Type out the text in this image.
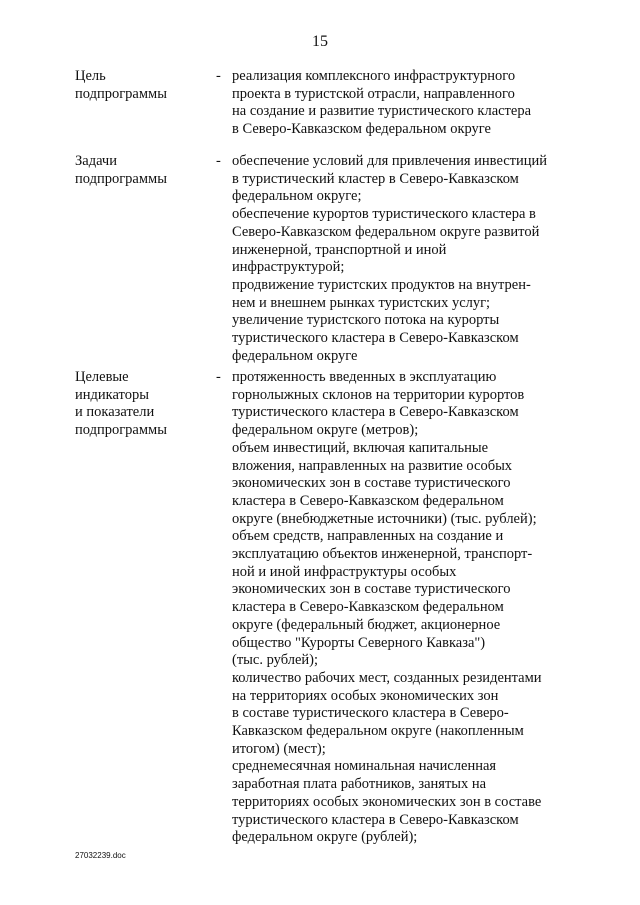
15
Цель
подпрограммы
- реализация комплексного инфраструктурного
проекта в туристской отрасли, направленного
на создание и развитие туристического кластера
в Северо-Кавказском федеральном округе
Задачи
подпрограммы
- обеспечение условий для привлечения инвестиций
в туристический кластер в Северо-Кавказском
федеральном округе;
обеспечение курортов туристического кластера в
Северо-Кавказском федеральном округе развитой
инженерной, транспортной и иной
инфраструктурой;
продвижение туристских продуктов на внутрен-
нем и внешнем рынках туристских услуг;
увеличение туристского потока на курорты
туристического кластера в Северо-Кавказском
федеральном округе
Целевые
индикаторы
и показатели
подпрограммы
- протяженность введенных в эксплуатацию
горнолыжных склонов на территории курортов
туристического кластера в Северо-Кавказском
федеральном округе (метров);
объем инвестиций, включая капитальные
вложения, направленных на развитие особых
экономических зон в составе туристического
кластера в Северо-Кавказском федеральном
округе (внебюджетные источники) (тыс. рублей);
объем средств, направленных на создание и
эксплуатацию объектов инженерной, транспорт-
ной и иной инфраструктуры особых
экономических зон в составе туристического
кластера в Северо-Кавказском федеральном
округе (федеральный бюджет, акционерное
общество "Курорты Северного Кавказа")
(тыс. рублей);
количество рабочих мест, созданных резидентами
на территориях особых экономических зон
в составе туристического кластера в Северо-
Кавказском федеральном округе (накопленным
итогом) (мест);
среднемесячная номинальная начисленная
заработная плата работников, занятых на
территориях особых экономических зон в составе
туристического кластера в Северо-Кавказском
федеральном округе (рублей);
27032239.doc
